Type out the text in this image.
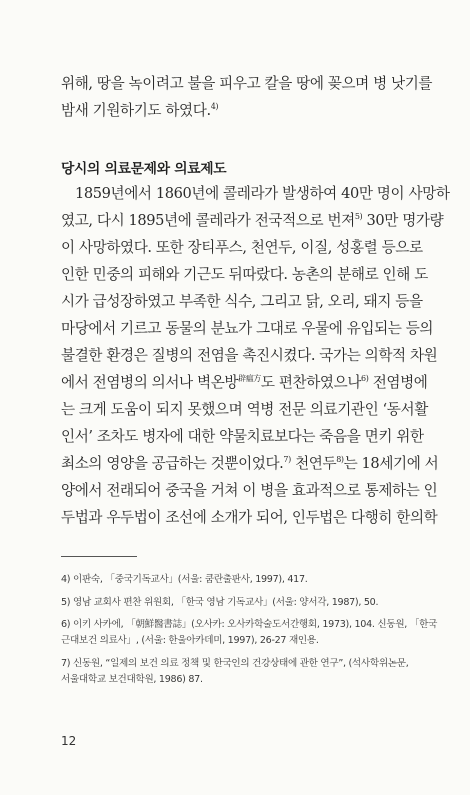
위해, 땅을 녹이려고 불을 피우고 칼을 땅에 꽂으며 병 낫기를
밤새 기원하기도 하였다.$^{4)}$
당시의 의료문제와 의료제도
1859년에서 1860년에 콜레라가 발생하여 40만 명이 사망하
였고, 다시 1895년에 콜레라가 전국적으로 번져$^{5)}$ 30만 명가량
이 사망하였다. 또한 장티푸스, 천연두, 이질, 성홍렬 등으로
인한 민중의 피해와 기근도 뒤따랐다. 농촌의 분해로 인해 도
시가 급성장하였고 부족한 식수, 그리고 닭, 오리, 돼지 등을
마당에서 기르고 동물의 분뇨가 그대로 우물에 유입되는 등의
불결한 환경은 질병의 전염을 촉진시켰다. 국가는 의학적 차원
에서 전염병의 의서나 벽온방$^{辟瘟方}$도 편찬하였으나$^{6)}$ 전염병에
는 크게 도움이 되지 못했으며 역병 전문 의료기관인 ‘동서활
인서’ 조차도 병자에 대한 약물치료보다는 죽음을 면키 위한
최소의 영양을 공급하는 것뿐이었다.$^{7)}$ 천연두$^{8)}$는 18세기에 서
양에서 전래되어 중국을 거쳐 이 병을 효과적으로 통제하는 인
두법과 우두법이 조선에 소개가 되어, 인두법은 다행히 한의학
4) 이판숙, 「중국기독교사」(서울: 쿰란출판사, 1997), 417.
5) 영남 교회사 편찬 위원회, 「한국 영남 기독교사」(서울: 양서각, 1987), 50.
6) 이키 사카에, 「朝鮮醫書誌」(오사카: 오사카학술도서간행회, 1973), 104. 신동원, 「한국
근대보건 의료사」, (서울: 한울아카데미, 1997), 26-27 재인용.
7) 신동원, “일제의 보건 의료 정책 및 한국인의 건강상태에 관한 연구”, (석사학위논문,
서울대학교 보건대학원, 1986) 87.
12
